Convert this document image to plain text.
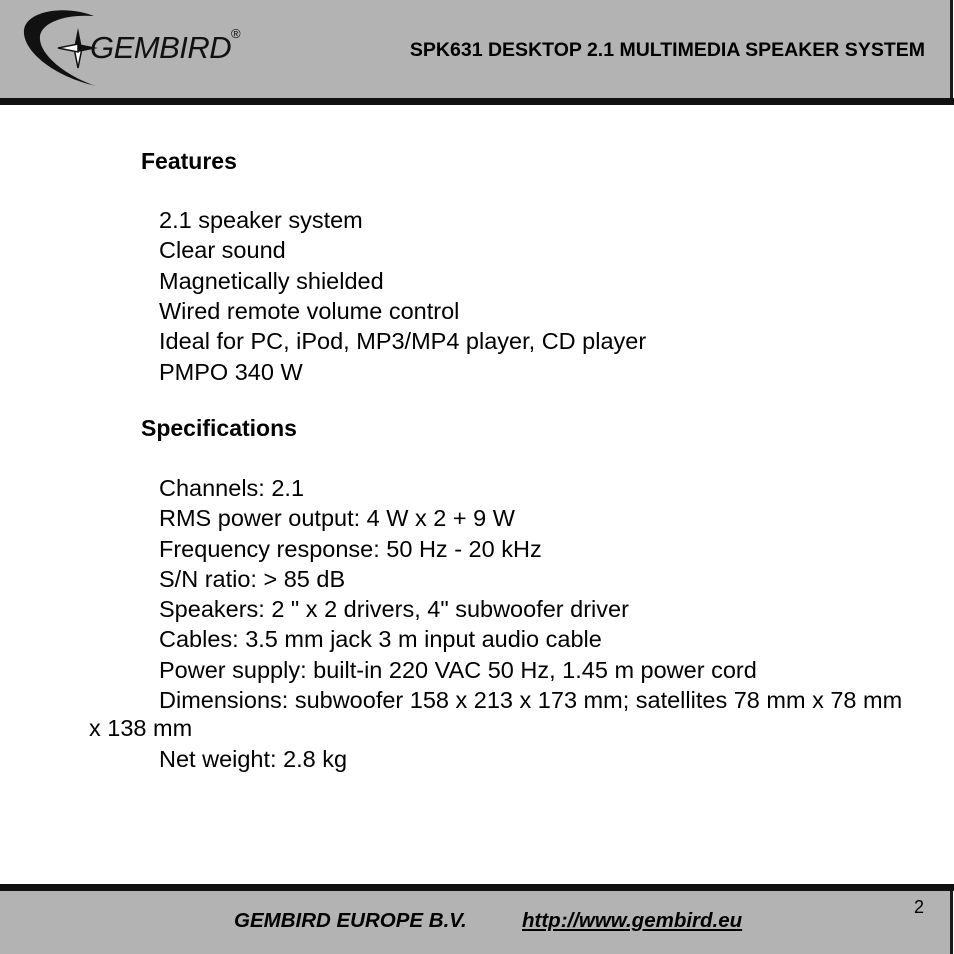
GEMBIRD ®
SPK631 DESKTOP 2.1 MULTIMEDIA SPEAKER SYSTEM
Features
2.1 speaker system
Clear sound
Magnetically shielded
Wired remote volume control
Ideal for PC, iPod, MP3/MP4 player, CD player
PMPO 340 W
Specifications
Channels: 2.1
RMS power output: 4 W x 2 + 9 W
Frequency response: 50 Hz - 20 kHz
S/N ratio: > 85 dB
Speakers: 2 " x 2 drivers, 4" subwoofer driver
Cables: 3.5 mm jack 3 m input audio cable
Power supply: built-in 220 VAC 50 Hz, 1.45 m power cord
Dimensions: subwoofer 158 x 213 x 173 mm; satellites 78 mm x 78 mm x 138 mm
Net weight: 2.8 kg
GEMBIRD EUROPE B.V.	http://www.gembird.eu
2
